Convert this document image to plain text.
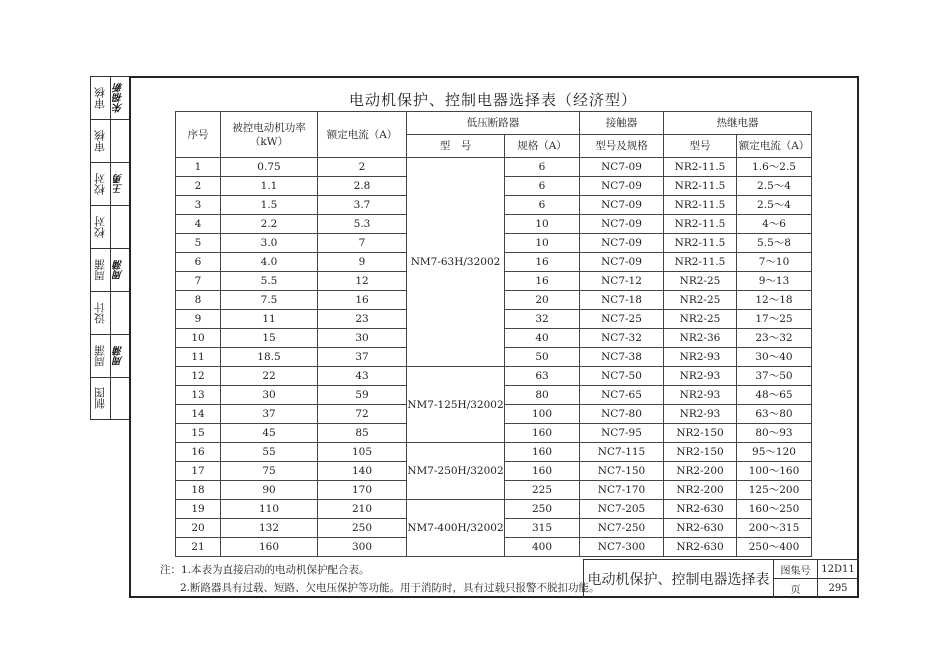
审核 朱福新
审核
校对 王勇
校对
周蒲 周蒲
设计
周蒲 周蒲
制图
电动机保护、控制电器选择表（经济型）
序号	被控电动机功率（kW）	额定电流（A）	低压断路器		接触器	热继电器	
			型　号	规格（A）	型号及规格	型号	额定电流（A）
1	0.75	2	NM7-63H/32002	6	NC7-09	NR2-11.5	1.6～2.5
2	1.1	2.8		6	NC7-09	NR2-11.5	2.5～4
3	1.5	3.7		6	NC7-09	NR2-11.5	2.5～4
4	2.2	5.3		10	NC7-09	NR2-11.5	4～6
5	3.0	7		10	NC7-09	NR2-11.5	5.5～8
6	4.0	9		16	NC7-09	NR2-11.5	7～10
7	5.5	12		16	NC7-12	NR2-25	9～13
8	7.5	16		20	NC7-18	NR2-25	12～18
9	11	23		32	NC7-25	NR2-25	17～25
10	15	30		40	NC7-32	NR2-36	23～32
11	18.5	37		50	NC7-38	NR2-93	30～40
12	22	43	NM7-125H/32002	63	NC7-50	NR2-93	37～50
13	30	59		80	NC7-65	NR2-93	48～65
14	37	72		100	NC7-80	NR2-93	63～80
15	45	85		160	NC7-95	NR2-150	80～93
16	55	105	NM7-250H/32002	160	NC7-115	NR2-150	95～120
17	75	140		160	NC7-150	NR2-200	100～160
18	90	170		225	NC7-170	NR2-200	125～200
19	110	210	NM7-400H/32002	250	NC7-205	NR2-630	160～250
20	132	250		315	NC7-250	NR2-630	200～315
21	160	300		400	NC7-300	NR2-630	250～400
注：1.本表为直接启动的电动机保护配合表。
2.断路器具有过载、短路、欠电压保护等功能。用于消防时，具有过载只报警不脱扣功能。
电动机保护、控制电器选择表
图集号	12D11
页	295
